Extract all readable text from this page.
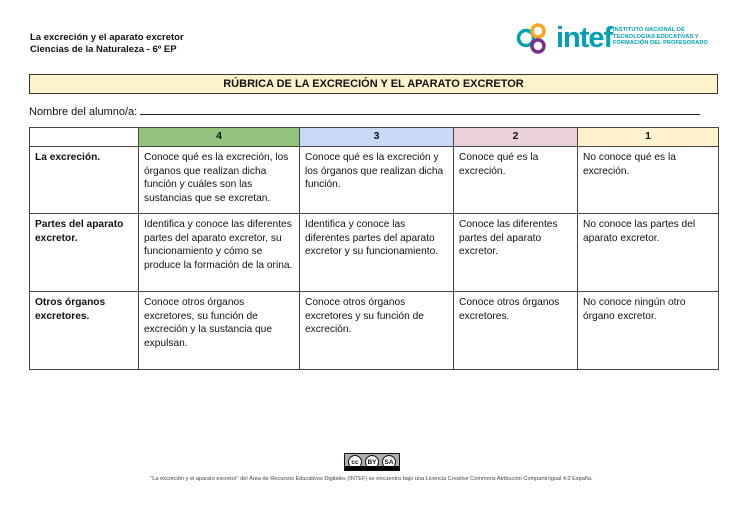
La excreción y el aparato excretor
Ciencias de la Naturaleza - 6º EP	intef INSTITUTO NACIONAL DE
TECNOLOGÍAS EDUCATIVAS Y
FORMACIÓN DEL PROFESORADO
RÚBRICA DE LA EXCRECIÓN Y EL APARATO EXCRETOR
Nombre del alumno/a:
	4	3	2	1
La excreción.	Conoce qué es la excreción, los órganos que realizan dicha función y cuáles son las sustancias que se excretan.	Conoce qué es la excreción y los órganos que realizan dicha función.	Conoce qué es la excreción.	No conoce qué es la excreción.
Partes del aparato excretor.	Identifica y conoce las diferentes partes del aparato excretor, su funcionamiento y cómo se produce la formación de la orina.	Identifica y conoce las diferentes partes del aparato excretor y su funcionamiento.	Conoce las diferentes partes del aparato excretor.	No conoce las partes del aparato excretor.
Otros órganos excretores.	Conoce otros órganos excretores, su función de excreción y la sustancia que expulsan.	Conoce otros órganos excretores y su función de excreción.	Conoce otros órganos excretores.	No conoce ningún otro órgano excretor.
cc	BY	SA
"La excreción y el aparato excretor" del Área de Recursos Educativos Digitales (INTEF) se encuentra bajo una Licencia Creative Commons Atribución Compartir/igual 4.0 España.
